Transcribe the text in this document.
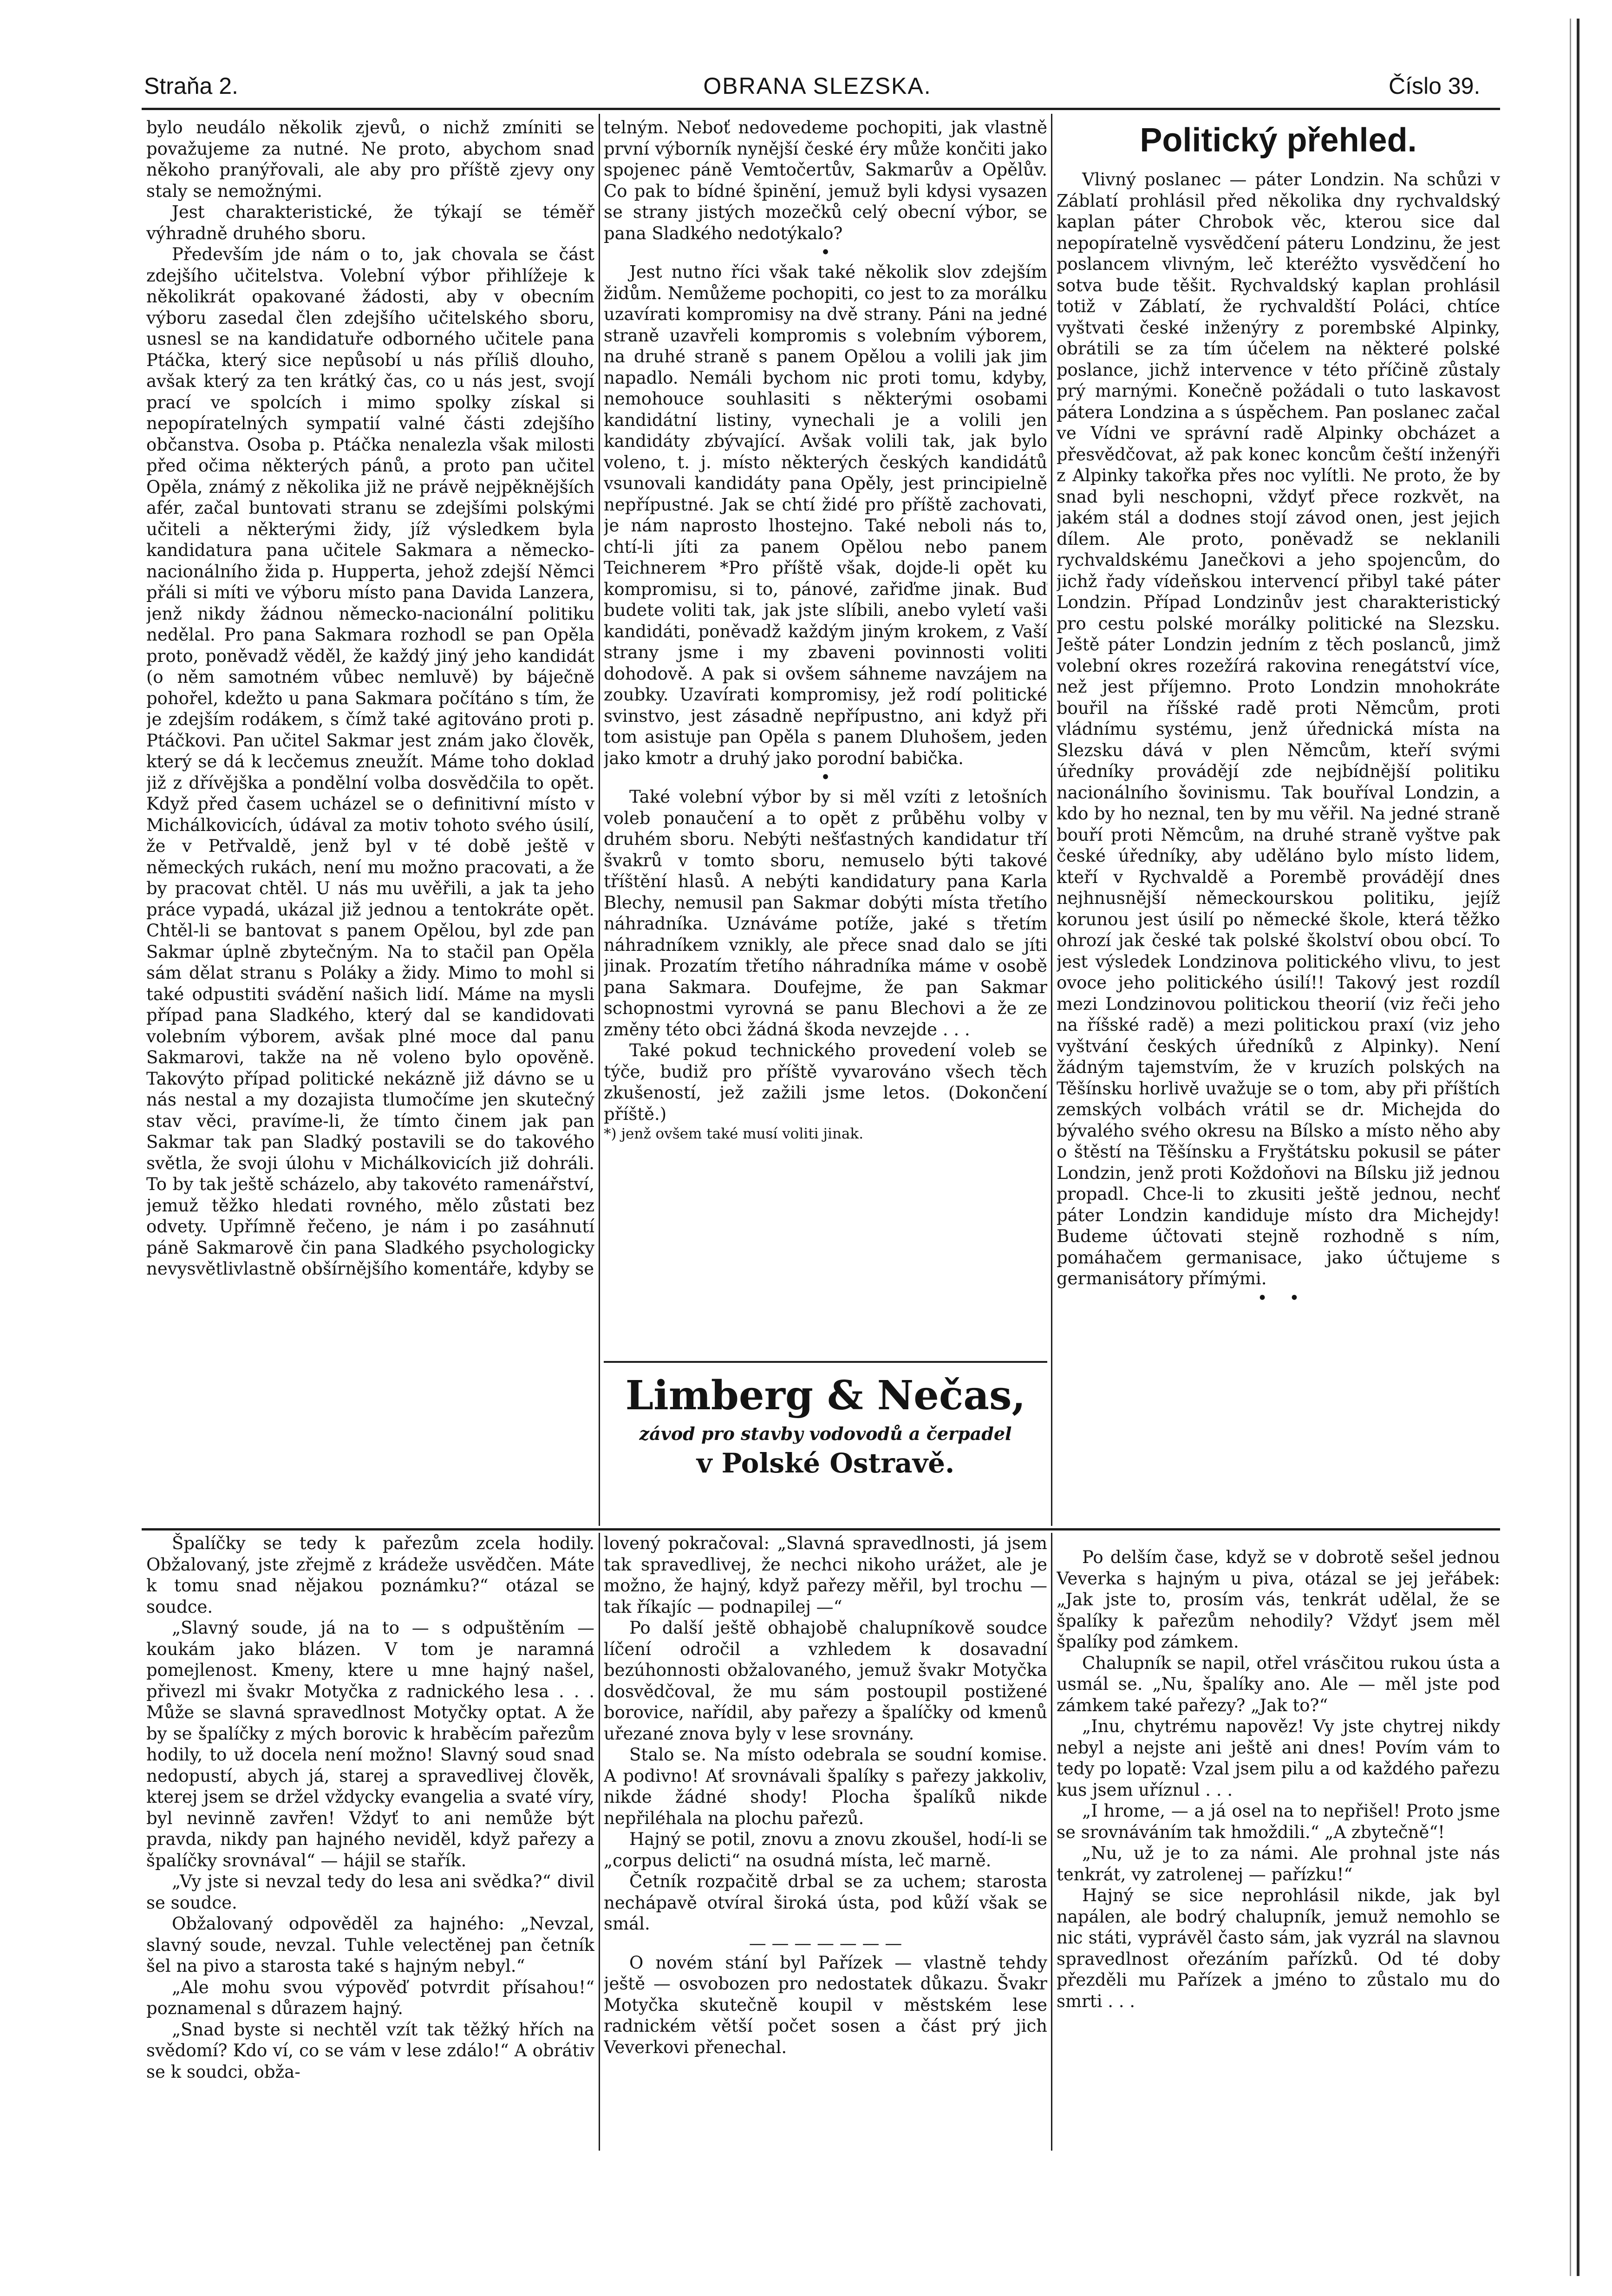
Straňa 2.	OBRANA SLEZSKA.	Číslo 39.

bylo neudálo několik zjevů, o nichž zmíniti se považujeme za nutné. Ne proto, abychom snad někoho pranýřovali, ale aby pro příště zjevy ony staly se nemožnými.

Jest charakteristické, že týkají se téměř výhradně druhého sboru.

Především jde nám o to, jak chovala se část zdejšího učitelstva. Volební výbor přihlížeje k několikrát opakované žádosti, aby v obecním výboru zasedal člen zdejšího učitelského sboru, usnesl se na kandidatuře odborného učitele pana Ptáčka, který sice nepůsobí u nás příliš dlouho, avšak který za ten krátký čas, co u nás jest, svojí prací ve spolcích i mimo spolky získal si nepopíratelných sympatií valné části zdejšího občanstva. Osoba p. Ptáčka nenalezla však milosti před očima některých pánů, a proto pan učitel Opěla, známý z několika již ne právě nejpěknějších afér, začal buntovati stranu se zdejšími polskými učiteli a některými židy, jíž výsledkem byla kandidatura pana učitele Sakmara a německo-nacionálního žida p. Hupperta, jehož zdejší Němci přáli si míti ve výboru místo pana Davida Lanzera, jenž nikdy žádnou německo-nacionální politiku nedělal. Pro pana Sakmara rozhodl se pan Opěla proto, poněvadž věděl, že každý jiný jeho kandidát (o něm samotném vůbec nemluvě) by báječně pohořel, kdežto u pana Sakmara počítáno s tím, že je zdejším rodákem, s čímž také agitováno proti p. Ptáčkovi. Pan učitel Sakmar jest znám jako člověk, který se dá k lecčemus zneužít. Máme toho doklad již z dřívějška a pondělní volba dosvědčila to opět. Když před časem ucházel se o definitivní místo v Michálkovicích, údával za motiv tohoto svého úsilí, že v Petřvaldě, jenž byl v té době ještě v německých rukách, není mu možno pracovati, a že by pracovat chtěl. U nás mu uvěřili, a jak ta jeho práce vypadá, ukázal již jednou a tentokráte opět. Chtěl-li se bantovat s panem Opělou, byl zde pan Sakmar úplně zbytečným. Na to stačil pan Opěla sám dělat stranu s Poláky a židy. Mimo to mohl si také odpustiti svádění našich lidí. Máme na mysli případ pana Sladkého, který dal se kandidovati volebním výborem, avšak plné moce dal panu Sakmarovi, takže na ně voleno bylo opověně. Takovýto případ politické nekázně již dávno se u nás nestal a my dozajista tlumočíme jen skutečný stav věci, pravíme-li, že tímto činem jak pan Sakmar tak pan Sladký postavili se do takového světla, že svoji úlohu v Michálkovicích již dohráli. To by tak ještě scházelo, aby takovéto ramenářství, jemuž těžko hledati rovného, mělo zůstati bez odvety. Upřímně řečeno, je nám i po zasáhnutí páně Sakmarově čin pana Sladkého psychologicky nevysvětlivlastně obšírnějšího komentáře, kdyby se

telným. Neboť nedovedeme pochopiti, jak vlastně první výborník nynější české éry může končiti jako spojenec páně Vemtočertův, Sakmarův a Opělův. Co pak to bídné špinění, jemuž byli kdysi vysazen se strany jistých mozečků celý obecní výbor, se pana Sladkého nedotýkalo?

•

Jest nutno říci však také několik slov zdejším židům. Nemůžeme pochopiti, co jest to za morálku uzavírati kompromisy na dvě strany. Páni na jedné straně uzavřeli kompromis s volebním výborem, na druhé straně s panem Opělou a volili jak jim napadlo. Nemáli bychom nic proti tomu, kdyby, nemohouce souhlasiti s některými osobami kandidátní listiny, vynechali je a volili jen kandidáty zbývající. Avšak volili tak, jak bylo voleno, t. j. místo některých českých kandidátů vsunovali kandidáty pana Opěly, jest principielně nepřípustné. Jak se chtí židé pro příště zachovati, je nám naprosto lhostejno. Také neboli nás to, chtí-li jíti za panem Opělou nebo panem Teichnerem *Pro příště však, dojde-li opět ku kompromisu, si to, pánové, zařiďme jinak. Buď budete voliti tak, jak jste slíbili, anebo vyletí vaši kandidáti, poněvadž každým jiným krokem, z Vaší strany jsme i my zbaveni povinnosti voliti dohodově. A pak si ovšem sáhneme navzájem na zoubky. Uzavírati kompromisy, jež rodí politické svinstvo, jest zásadně nepřípustno, ani když při tom asistuje pan Opěla s panem Dluhošem, jeden jako kmotr a druhý jako porodní babička.

•

Také volební výbor by si měl vzíti z letošních voleb ponaučení a to opět z průběhu volby v druhém sboru. Nebýti nešťastných kandidatur tří švakrů v tomto sboru, nemuselo býti takové tříštění hlasů. A nebýti kandidatury pana Karla Blechy, nemusil pan Sakmar dobýti místa třetího náhradníka. Uznáváme potíže, jaké s třetím náhradníkem vznikly, ale přece snad dalo se jíti jinak. Prozatím třetího náhradníka máme v osobě pana Sakmara. Doufejme, že pan Sakmar schopnostmi vyrovná se panu Blechovi a že ze změny této obci žádná škoda nevzejde . . .

Také pokud technického provedení voleb se týče, budiž pro příště vyvarováno všech těch zkušeností, jež zažili jsme letos. (Dokončení příště.)

*) jenž ovšem také musí voliti jinak.

Limberg & Nečas,
závod pro stavby vodovodů a čerpadel
v Polské Ostravě.
Politický přehled.

Vlivný poslanec — páter Londzin. Na schůzi v Záblatí prohlásil před několika dny rychvaldský kaplan páter Chrobok věc, kterou sice dal nepopíratelně vysvědčení páteru Londzinu, že jest poslancem vlivným, leč kteréžto vysvědčení ho sotva bude těšit. Rychvaldský kaplan prohlásil totiž v Záblatí, že rychvaldští Poláci, chtíce vyštvati české inženýry z porembské Alpinky, obrátili se za tím účelem na některé polské poslance, jichž intervence v této příčině zůstaly prý marnými. Konečně požádali o tuto laskavost pátera Londzina a s úspěchem. Pan poslanec začal ve Vídni ve správní radě Alpinky obcházet a přesvědčovat, až pak konec koncům čeští inženýři z Alpinky takořka přes noc vylítli. Ne proto, že by snad byli neschopni, vždyť přece rozkvět, na jakém stál a dodnes stojí závod onen, jest jejich dílem. Ale proto, poněvadž se neklanili rychvaldskému Janečkovi a jeho spojencům, do jichž řady vídeňskou intervencí přibyl také páter Londzin. Případ Londzinův jest charakteristický pro cestu polské morálky politické na Slezsku. Ještě páter Londzin jedním z těch poslanců, jimž volební okres rozežírá rakovina renegátství více, než jest příjemno. Proto Londzin mnohokráte bouřil na říšské radě proti Němcům, proti vládnímu systému, jenž úřednická místa na Slezsku dává v plen Němcům, kteří svými úředníky provádějí zde nejbídnější politiku nacionálního šovinismu. Tak bouříval Londzin, a kdo by ho neznal, ten by mu věřil. Na jedné straně bouří proti Němcům, na druhé straně vyštve pak české úředníky, aby uděláno bylo místo lidem, kteří v Rychvaldě a Porembě provádějí dnes nejhnusnější německourskou politiku, jejíž korunou jest úsilí po německé škole, která těžko ohrozí jak české tak polské školství obou obcí. To jest výsledek Londzinova politického vlivu, to jest ovoce jeho politického úsilí!! Takový jest rozdíl mezi Londzinovou politickou theorií (viz řeči jeho na říšské radě) a mezi politickou praxí (viz jeho vyštvání českých úředníků z Alpinky). Není žádným tajemstvím, že v kruzích polských na Těšínsku horlivě uvažuje se o tom, aby při příštích zemských volbách vrátil se dr. Michejda do bývalého svého okresu na Bílsko a místo něho aby o štěstí na Těšínsku a Fryštátsku pokusil se páter Londzin, jenž proti Koždoňovi na Bílsku již jednou propadl. Chce-li to zkusiti ještě jednou, nechť páter Londzin kandiduje místo dra Michejdy! Budeme účtovati stejně rozhodně s ním, pomáhačem germanisace, jako účtujeme s germanisátory přímými.

•    •

Špalíčky se tedy k pařezům zcela hodily. Obžalovaný, jste zřejmě z krádeže usvědčen. Máte k tomu snad nějakou poznámku?“ otázal se soudce.

„Slavný soude, já na to — s odpuštěním — koukám jako blázen. V tom je naramná pomejlenost. Kmeny, ktere u mne hajný našel, přivezl mi švakr Motyčka z radnického lesa . . . Může se slavná spravedlnost Motyčky optat. A že by se špalíčky z mých borovic k hraběcím pařezům hodily, to už docela není možno! Slavný soud snad nedopustí, abych já, starej a spravedlivej člověk, kterej jsem se držel vždycky evangelia a svaté víry, byl nevinně zavřen! Vždyť to ani nemůže být pravda, nikdy pan hajného neviděl, když pařezy a špalíčky srovnával“ — hájil se stařík.

„Vy jste si nevzal tedy do lesa ani svědka?“ divil se soudce.

Obžalovaný odpověděl za hajného: „Nevzal, slavný soude, nevzal. Tuhle velectěnej pan četník šel na pivo a starosta také s hajným nebyl.“

„Ale mohu svou výpověď potvrdit přísahou!“ poznamenal s důrazem hajný.

„Snad byste si nechtěl vzít tak těžký hřích na svědomí? Kdo ví, co se vám v lese zdálo!“ A obrátiv se k soudci, obža-

lovený pokračoval: „Slavná spravedlnosti, já jsem tak spravedlivej, že nechci nikoho urážet, ale je možno, že hajný, když pařezy měřil, byl trochu — tak říkajíc — podnapilej —“

Po další ještě obhajobě chalupníkově soudce líčení odročil a vzhledem k dosavadní bezúhonnosti obžalovaného, jemuž švakr Motyčka dosvědčoval, že mu sám postoupil postižené borovice, nařídil, aby pařezy a špalíčky od kmenů uřezané znova byly v lese srovnány.

Stalo se. Na místo odebrala se soudní komise. A podivno! Ať srovnávali špalíky s pařezy jakkoliv, nikde žádné shody! Plocha špalíků nikde nepřiléhala na plochu pařezů.

Hajný se potil, znovu a znovu zkoušel, hodí-li se „corpus delicti“ na osudná místa, leč marně.

Četník rozpačitě drbal se za uchem; starosta nechápavě otvíral široká ústa, pod kůží však se smál.

— — — — — — —

O novém stání byl Pařízek — vlastně tehdy ještě — osvobozen pro nedostatek důkazu. Švakr Motyčka skutečně koupil v městském lese radnickém větší počet sosen a část prý jich Veverkovi přenechal.

Po delším čase, když se v dobrotě sešel jednou Veverka s hajným u piva, otázal se jej jeřábek: „Jak jste to, prosím vás, tenkrát udělal, že se špalíky k pařezům nehodily? Vždyť jsem měl špalíky pod zámkem.

Chalupník se napil, otřel vrásčitou rukou ústa a usmál se. „Nu, špalíky ano. Ale — měl jste pod zámkem také pařezy? „Jak to?“

„Inu, chytrému napověz! Vy jste chytrej nikdy nebyl a nejste ani ještě ani dnes! Povím vám to tedy po lopatě: Vzal jsem pilu a od každého pařezu kus jsem uříznul . . .

„I hrome, — a já osel na to nepřišel! Proto jsme se srovnáváním tak hmoždili.“ „A zbytečně“!

„Nu, už je to za námi. Ale prohnal jste nás tenkrát, vy zatrolenej — pařízku!“

Hajný se sice neprohlásil nikde, jak byl napálen, ale bodrý chalupník, jemuž nemohlo se nic státi, vyprávěl často sám, jak vyzrál na slavnou spravedlnost ořezáním pařízků. Od té doby přezděli mu Pařízek a jméno to zůstalo mu do smrti . . .
